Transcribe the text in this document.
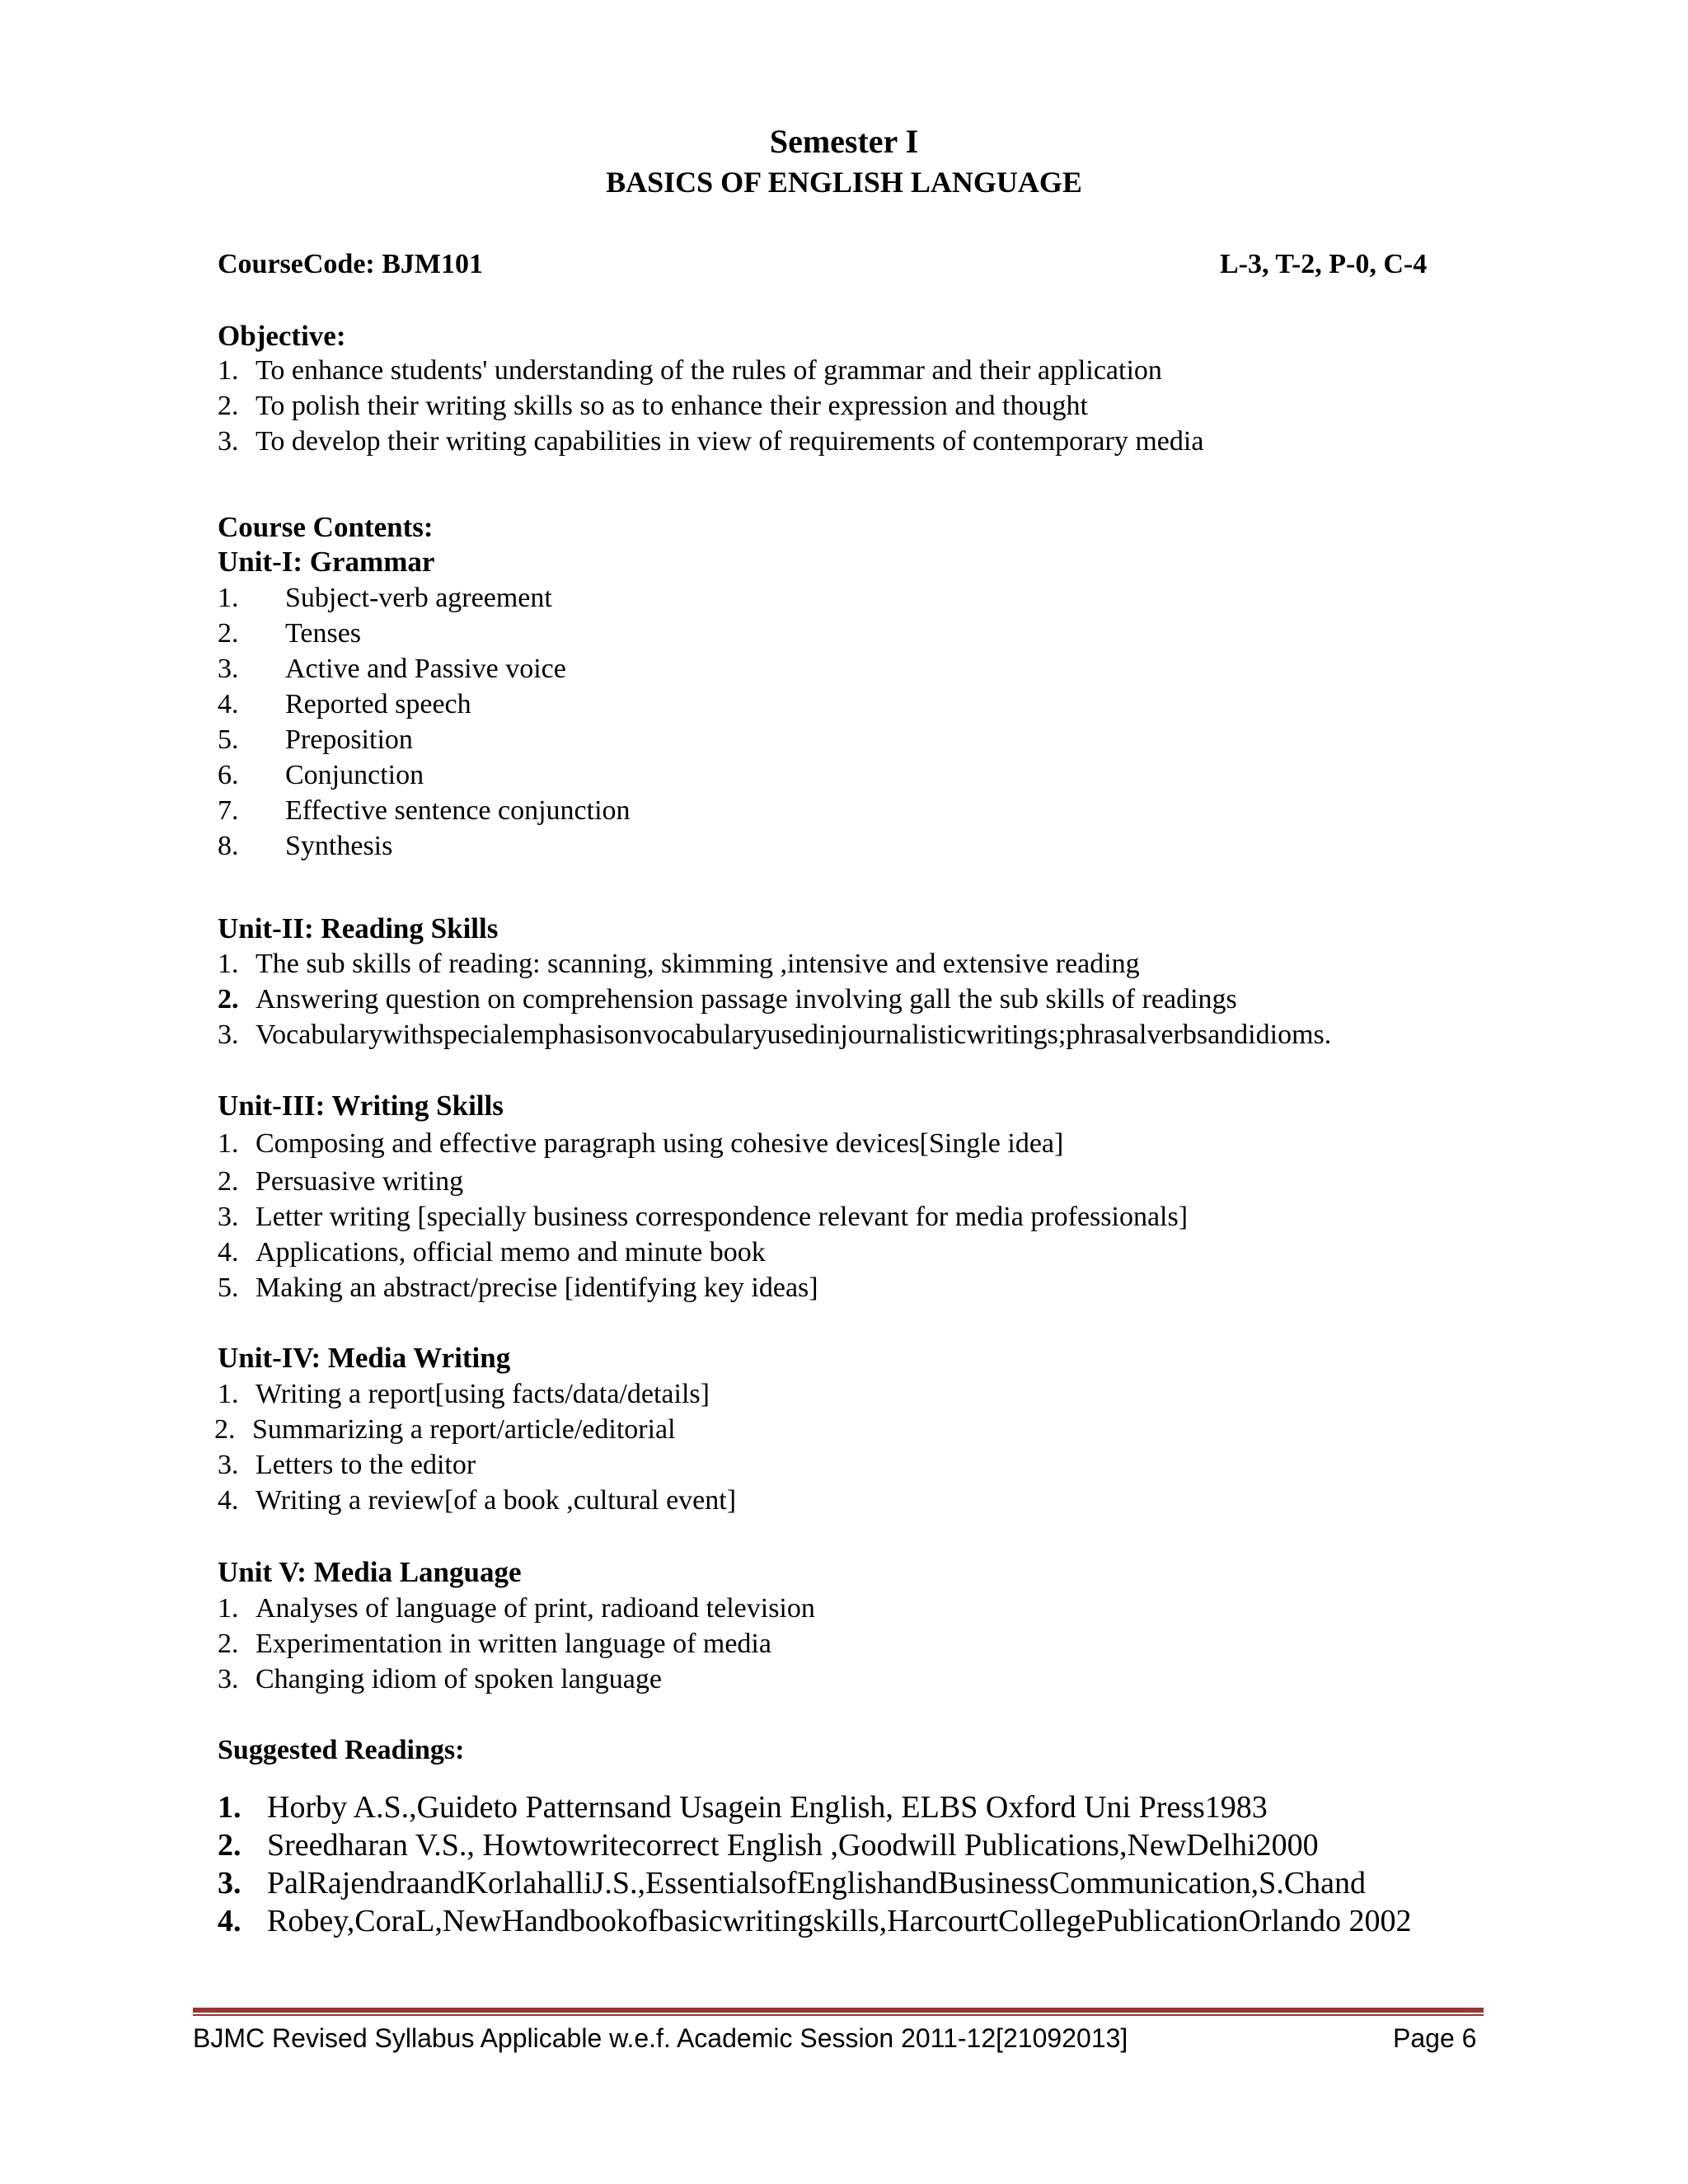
Semester I
BASICS OF ENGLISH LANGUAGE
CourseCode: BJM101	L-3, T-2, P-0, C-4
Objective:
1. To enhance students' understanding of the rules of grammar and their application
2. To polish their writing skills so as to enhance their expression and thought
3. To develop their writing capabilities in view of requirements of contemporary media
Course Contents:
Unit-I: Grammar
1. Subject-verb agreement
2. Tenses
3. Active and Passive voice
4. Reported speech
5. Preposition
6. Conjunction
7. Effective sentence conjunction
8. Synthesis
Unit-II: Reading Skills
1. The sub skills of reading: scanning, skimming ,intensive and extensive reading
2. Answering question on comprehension passage involving gall the sub skills of readings
3. Vocabularywithspecialemphasisonvocabularyusedinjournalisticwritings;phrasalverbsandidioms.
Unit-III: Writing Skills
1. Composing and effective paragraph using cohesive devices[Single idea]
2. Persuasive writing
3. Letter writing [specially business correspondence relevant for media professionals]
4. Applications, official memo and minute book
5. Making an abstract/precise [identifying key ideas]
Unit-IV: Media Writing
1. Writing a report[using facts/data/details]
2. Summarizing a report/article/editorial
3. Letters to the editor
4. Writing a review[of a book ,cultural event]
Unit V: Media Language
1. Analyses of language of print, radioand television
2. Experimentation in written language of media
3. Changing idiom of spoken language
Suggested Readings:
1. Horby A.S.,Guideto Patternsand Usagein English, ELBS Oxford Uni Press1983
2. Sreedharan V.S., Howtowritecorrect English ,Goodwill Publications,NewDelhi2000
3. PalRajendraandKorlahalliJ.S.,EssentialsofEnglishandBusinessCommunication,S.Chand
4. Robey,CoraL,NewHandbookofbasicwritingskills,HarcourtCollegePublicationOrlando 2002
BJMC Revised Syllabus Applicable w.e.f. Academic Session 2011-12[21092013]	Page 6
